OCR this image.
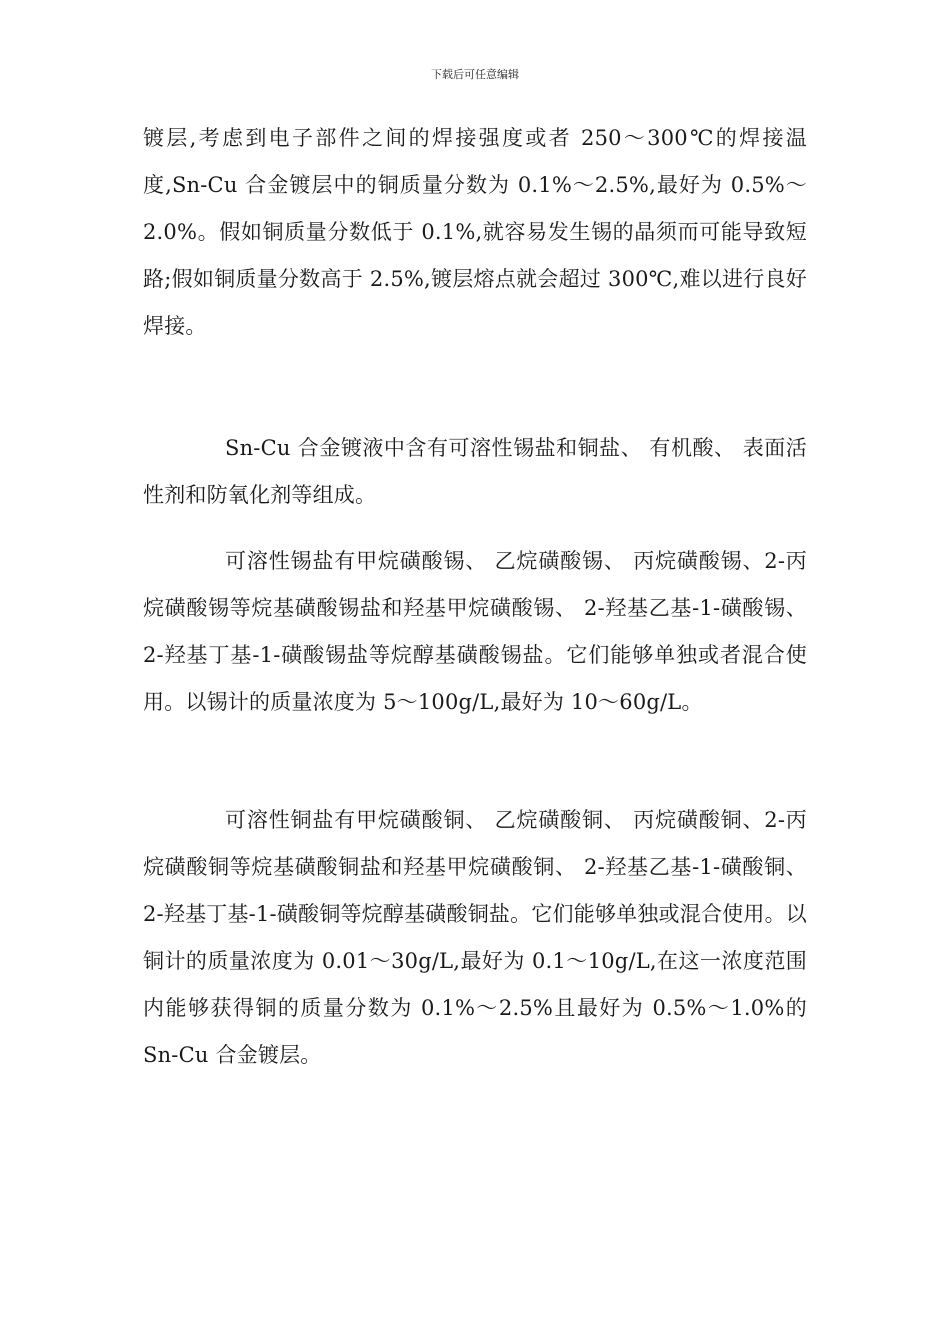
下载后可任意编辑

镀层,考虑到电子部件之间的焊接强度或者 250～300℃的焊接温度,Sn-Cu 合金镀层中的铜质量分数为 0.1%～2.5%,最好为 0.5%～2.0%。假如铜质量分数低于 0.1%,就容易发生锡的晶须而可能导致短路;假如铜质量分数高于 2.5%,镀层熔点就会超过 300℃,难以进行良好焊接。

Sn-Cu 合金镀液中含有可溶性锡盐和铜盐、 有机酸、 表面活性剂和防氧化剂等组成。

可溶性锡盐有甲烷磺酸锡、 乙烷磺酸锡、 丙烷磺酸锡、2-丙烷磺酸锡等烷基磺酸锡盐和羟基甲烷磺酸锡、 2-羟基乙基-1-磺酸锡、 2-羟基丁基-1-磺酸锡盐等烷醇基磺酸锡盐。它们能够单独或者混合使用。以锡计的质量浓度为 5～100g/L,最好为 10～60g/L。

可溶性铜盐有甲烷磺酸铜、 乙烷磺酸铜、 丙烷磺酸铜、2-丙烷磺酸铜等烷基磺酸铜盐和羟基甲烷磺酸铜、 2-羟基乙基-1-磺酸铜、 2-羟基丁基-1-磺酸铜等烷醇基磺酸铜盐。它们能够单独或混合使用。以铜计的质量浓度为 0.01～30g/L,最好为 0.1～10g/L,在这一浓度范围内能够获得铜的质量分数为 0.1%～2.5%且最好为 0.5%～1.0%的 Sn-Cu 合金镀层。
